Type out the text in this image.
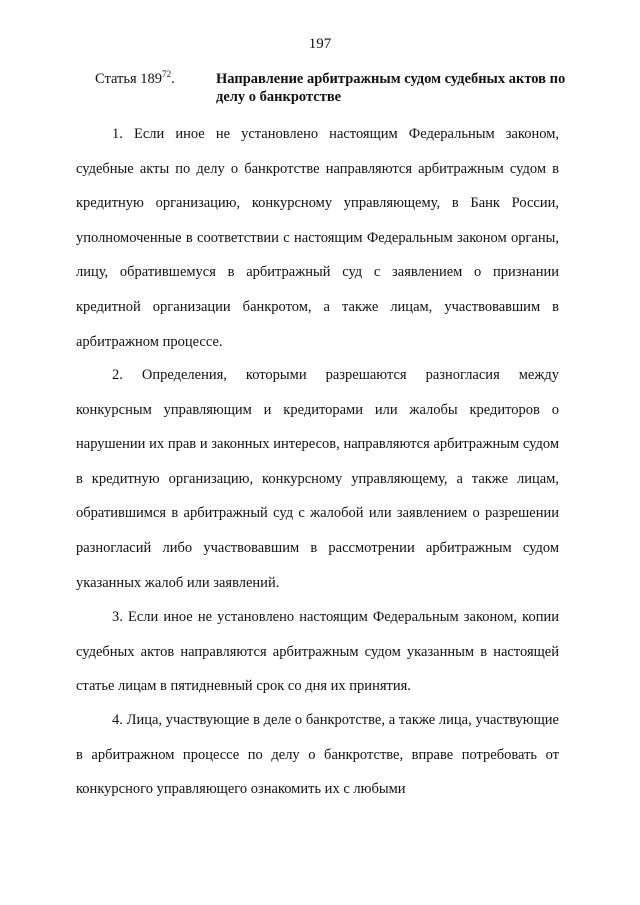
197
Статья $189^{72}$.	Направление арбитражным судом судебных актов по делу о банкротстве

1. Если иное не установлено настоящим Федеральным законом, судебные акты по делу о банкротстве направляются арбитражным судом в кредитную организацию, конкурсному управляющему, в Банк России, уполномоченные в соответствии с настоящим Федеральным законом органы, лицу, обратившемуся в арбитражный суд с заявлением о признании кредитной организации банкротом, а также лицам, участвовавшим в арбитражном процессе.

2. Определения, которыми разрешаются разногласия между конкурсным управляющим и кредиторами или жалобы кредиторов о нарушении их прав и законных интересов, направляются арбитражным судом в кредитную организацию, конкурсному управляющему, а также лицам, обратившимся в арбитражный суд с жалобой или заявлением о разрешении разногласий либо участвовавшим в рассмотрении арбитражным судом указанных жалоб или заявлений.

3. Если иное не установлено настоящим Федеральным законом, копии судебных актов направляются арбитражным судом указанным в настоящей статье лицам в пятидневный срок со дня их принятия.

4. Лица, участвующие в деле о банкротстве, а также лица, участвующие в арбитражном процессе по делу о банкротстве, вправе потребовать от конкурсного управляющего ознакомить их с любыми
